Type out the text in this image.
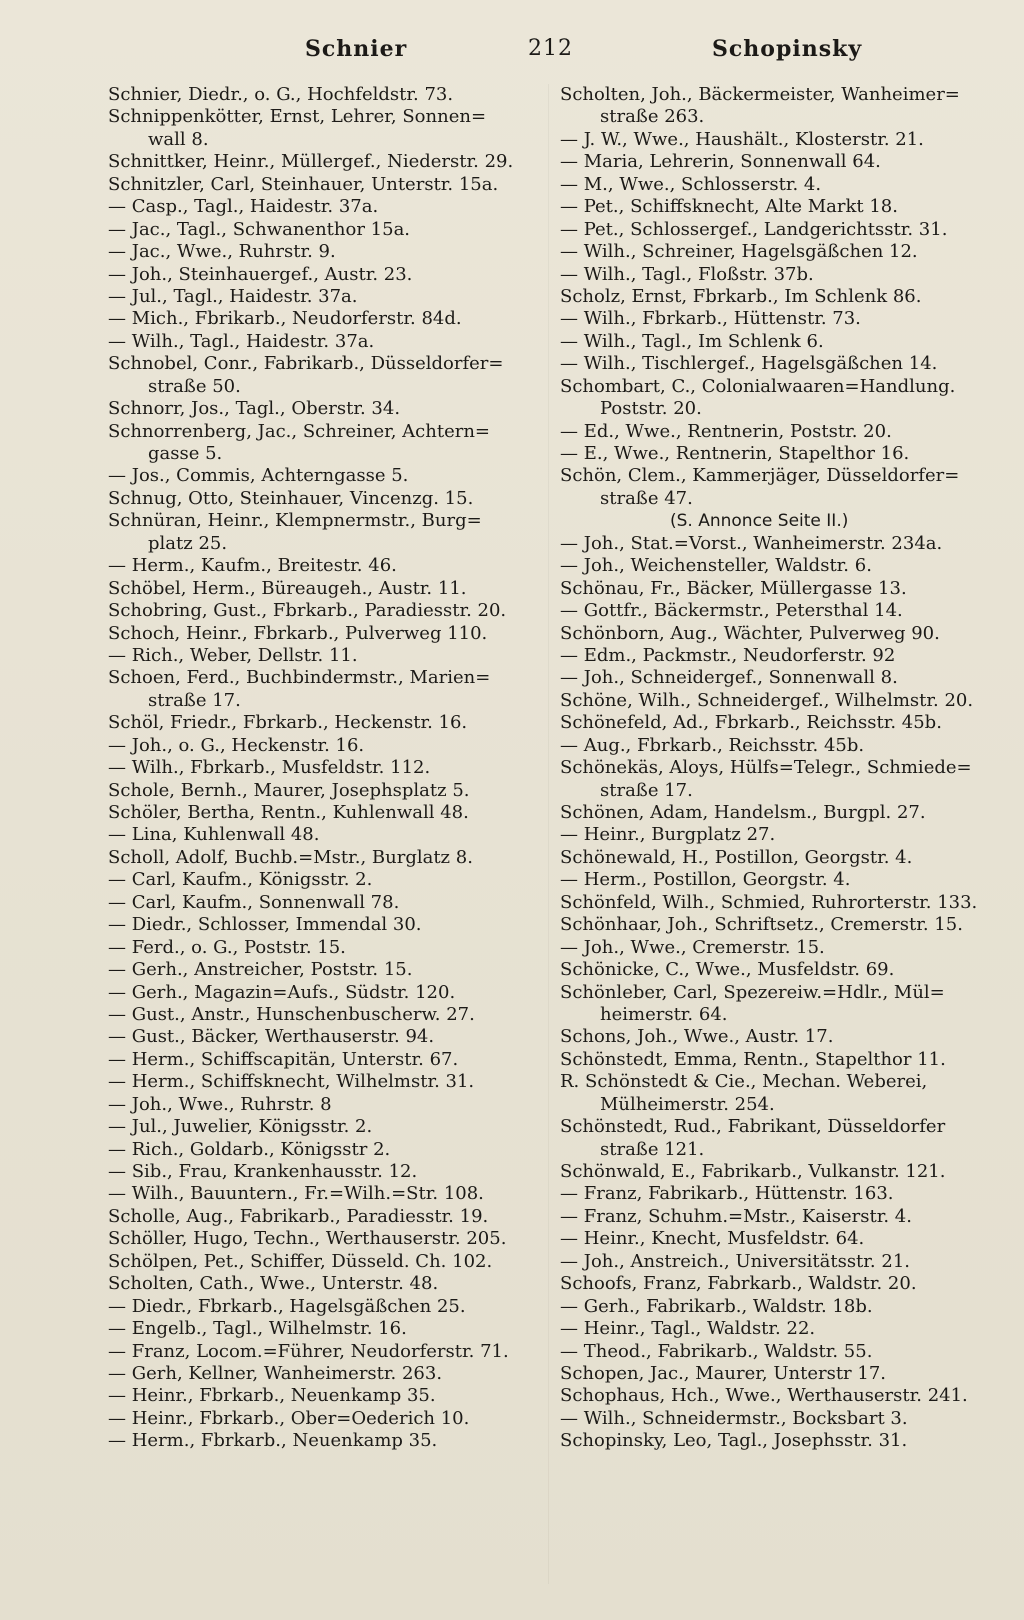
Schnier	212	Schopinsky
Schnier, Diedr., o. G., Hochfeldstr. 73.
Schnippenkötter, Ernst, Lehrer, Sonnen=
wall 8.
Schnittker, Heinr., Müllergef., Niederstr. 29.
Schnitzler, Carl, Steinhauer, Unterstr. 15a.
— Casp., Tagl., Haidestr. 37a.
— Jac., Tagl., Schwanenthor 15a.
— Jac., Wwe., Ruhrstr. 9.
— Joh., Steinhauergef., Austr. 23.
— Jul., Tagl., Haidestr. 37a.
— Mich., Fbrikarb., Neudorferstr. 84d.
— Wilh., Tagl., Haidestr. 37a.
Schnobel, Conr., Fabrikarb., Düsseldorfer=
straße 50.
Schnorr, Jos., Tagl., Oberstr. 34.
Schnorrenberg, Jac., Schreiner, Achtern=
gasse 5.
— Jos., Commis, Achterngasse 5.
Schnug, Otto, Steinhauer, Vincenzg. 15.
Schnüran, Heinr., Klempnermstr., Burg=
platz 25.
— Herm., Kaufm., Breitestr. 46.
Schöbel, Herm., Büreaugeh., Austr. 11.
Schobring, Gust., Fbrkarb., Paradiesstr. 20.
Schoch, Heinr., Fbrkarb., Pulverweg 110.
— Rich., Weber, Dellstr. 11.
Schoen, Ferd., Buchbindermstr., Marien=
straße 17.
Schöl, Friedr., Fbrkarb., Heckenstr. 16.
— Joh., o. G., Heckenstr. 16.
— Wilh., Fbrkarb., Musfeldstr. 112.
Schole, Bernh., Maurer, Josephsplatz 5.
Schöler, Bertha, Rentn., Kuhlenwall 48.
— Lina, Kuhlenwall 48.
Scholl, Adolf, Buchb.=Mstr., Burglatz 8.
— Carl, Kaufm., Königsstr. 2.
— Carl, Kaufm., Sonnenwall 78.
— Diedr., Schlosser, Immendal 30.
— Ferd., o. G., Poststr. 15.
— Gerh., Anstreicher, Poststr. 15.
— Gerh., Magazin=Aufs., Südstr. 120.
— Gust., Anstr., Hunschenbuscherw. 27.
— Gust., Bäcker, Werthauserstr. 94.
— Herm., Schiffscapitän, Unterstr. 67.
— Herm., Schiffsknecht, Wilhelmstr. 31.
— Joh., Wwe., Ruhrstr. 8
— Jul., Juwelier, Königsstr. 2.
— Rich., Goldarb., Königsstr 2.
— Sib., Frau, Krankenhausstr. 12.
— Wilh., Bauuntern., Fr.=Wilh.=Str. 108.
Scholle, Aug., Fabrikarb., Paradiesstr. 19.
Schöller, Hugo, Techn., Werthauserstr. 205.
Schölpen, Pet., Schiffer, Düsseld. Ch. 102.
Scholten, Cath., Wwe., Unterstr. 48.
— Diedr., Fbrkarb., Hagelsgäßchen 25.
— Engelb., Tagl., Wilhelmstr. 16.
— Franz, Locom.=Führer, Neudorferstr. 71.
— Gerh, Kellner, Wanheimerstr. 263.
— Heinr., Fbrkarb., Neuenkamp 35.
— Heinr., Fbrkarb., Ober=Oederich 10.
— Herm., Fbrkarb., Neuenkamp 35.
Scholten, Joh., Bäckermeister, Wanheimer=
straße 263.
— J. W., Wwe., Haushält., Klosterstr. 21.
— Maria, Lehrerin, Sonnenwall 64.
— M., Wwe., Schlosserstr. 4.
— Pet., Schiffsknecht, Alte Markt 18.
— Pet., Schlossergef., Landgerichtsstr. 31.
— Wilh., Schreiner, Hagelsgäßchen 12.
— Wilh., Tagl., Floßstr. 37b.
Scholz, Ernst, Fbrkarb., Im Schlenk 86.
— Wilh., Fbrkarb., Hüttenstr. 73.
— Wilh., Tagl., Im Schlenk 6.
— Wilh., Tischlergef., Hagelsgäßchen 14.
Schombart, C., Colonialwaaren=Handlung.
Poststr. 20.
— Ed., Wwe., Rentnerin, Poststr. 20.
— E., Wwe., Rentnerin, Stapelthor 16.
Schön, Clem., Kammerjäger, Düsseldorfer=
straße 47.
(S. Annonce Seite II.)
— Joh., Stat.=Vorst., Wanheimerstr. 234a.
— Joh., Weichensteller, Waldstr. 6.
Schönau, Fr., Bäcker, Müllergasse 13.
— Gottfr., Bäckermstr., Petersthal 14.
Schönborn, Aug., Wächter, Pulverweg 90.
— Edm., Packmstr., Neudorferstr. 92
— Joh., Schneidergef., Sonnenwall 8.
Schöne, Wilh., Schneidergef., Wilhelmstr. 20.
Schönefeld, Ad., Fbrkarb., Reichsstr. 45b.
— Aug., Fbrkarb., Reichsstr. 45b.
Schönekäs, Aloys, Hülfs=Telegr., Schmiede=
straße 17.
Schönen, Adam, Handelsm., Burgpl. 27.
— Heinr., Burgplatz 27.
Schönewald, H., Postillon, Georgstr. 4.
— Herm., Postillon, Georgstr. 4.
Schönfeld, Wilh., Schmied, Ruhrorterstr. 133.
Schönhaar, Joh., Schriftsetz., Cremerstr. 15.
— Joh., Wwe., Cremerstr. 15.
Schönicke, C., Wwe., Musfeldstr. 69.
Schönleber, Carl, Spezereiw.=Hdlr., Mül=
heimerstr. 64.
Schons, Joh., Wwe., Austr. 17.
Schönstedt, Emma, Rentn., Stapelthor 11.
R. Schönstedt & Cie., Mechan. Weberei,
Mülheimerstr. 254.
Schönstedt, Rud., Fabrikant, Düsseldorfer
straße 121.
Schönwald, E., Fabrikarb., Vulkanstr. 121.
— Franz, Fabrikarb., Hüttenstr. 163.
— Franz, Schuhm.=Mstr., Kaiserstr. 4.
— Heinr., Knecht, Musfeldstr. 64.
— Joh., Anstreich., Universitätsstr. 21.
Schoofs, Franz, Fabrkarb., Waldstr. 20.
— Gerh., Fabrikarb., Waldstr. 18b.
— Heinr., Tagl., Waldstr. 22.
— Theod., Fabrikarb., Waldstr. 55.
Schopen, Jac., Maurer, Unterstr 17.
Schophaus, Hch., Wwe., Werthauserstr. 241.
— Wilh., Schneidermstr., Bocksbart 3.
Schopinsky, Leo, Tagl., Josephsstr. 31.
